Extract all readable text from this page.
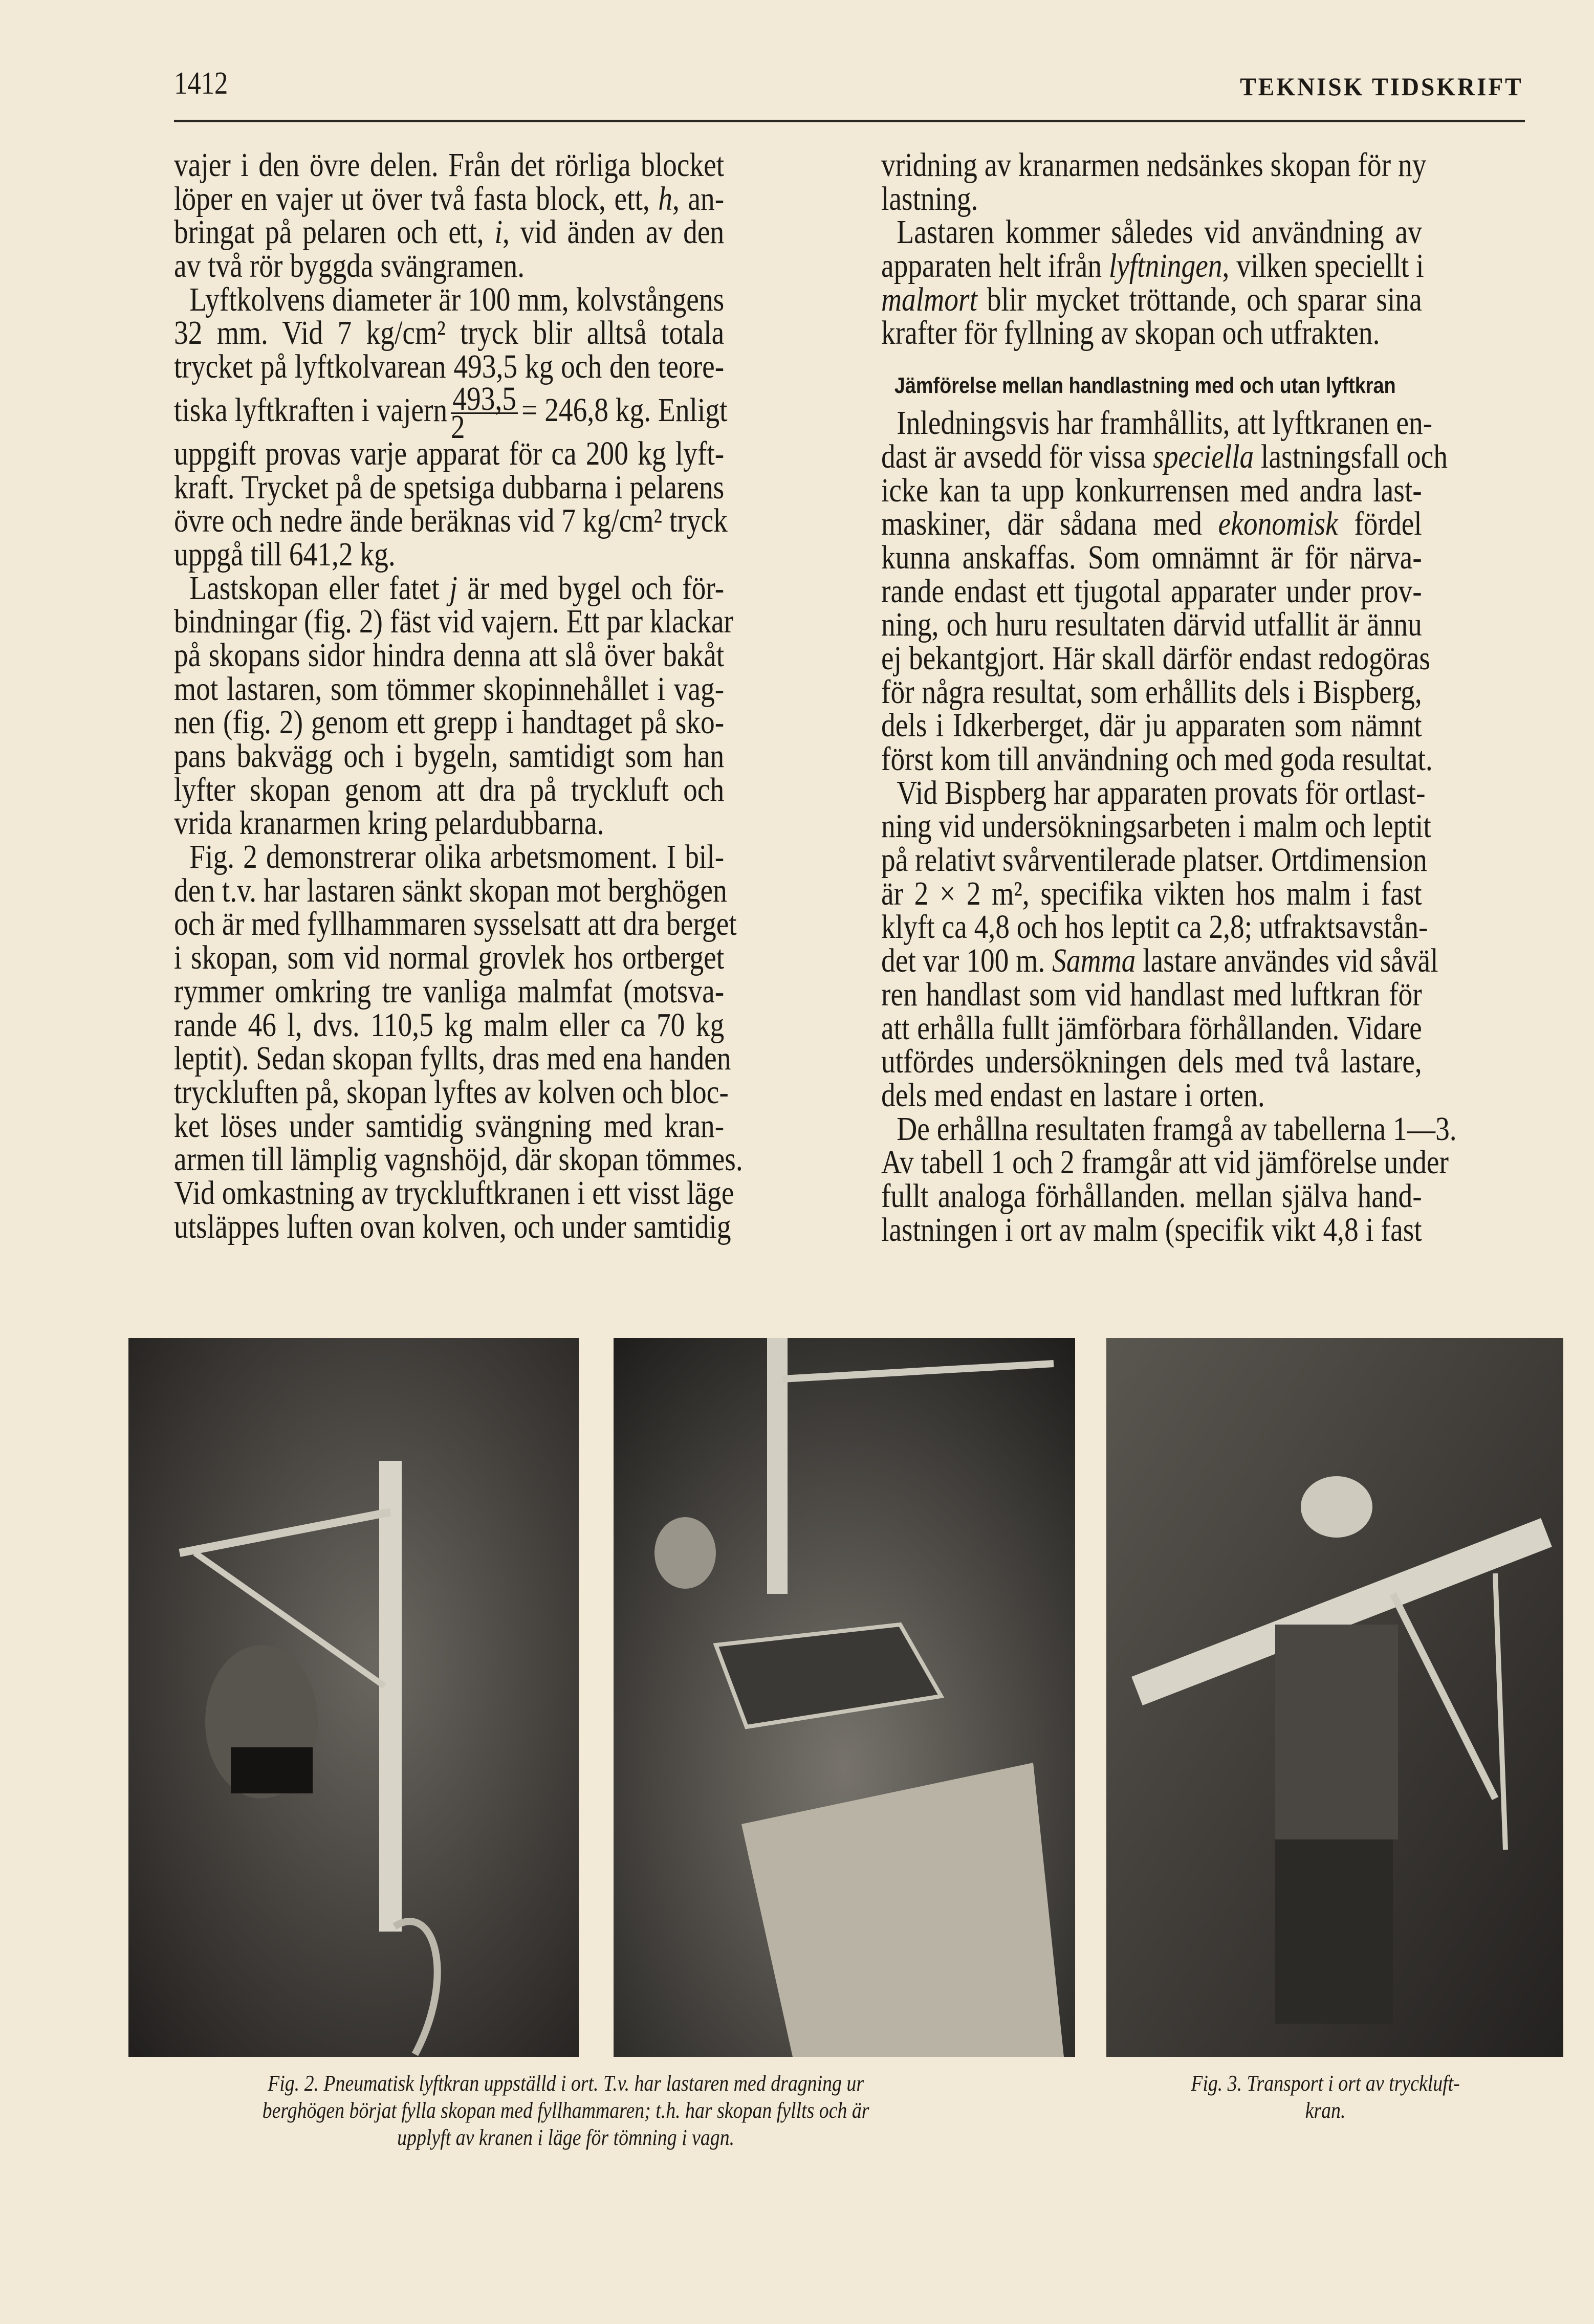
1412	TEKNISK TIDSKRIFT
vajer i den övre delen. Från det rörliga blocket
löper en vajer ut över två fasta block, ett, h, an-
bringat på pelaren och ett, i, vid änden av den
av två rör byggda svängramen.
Lyftkolvens diameter är 100 mm, kolvstångens
32 mm. Vid 7 kg/cm² tryck blir alltså totala
trycket på lyftkolvarean 493,5 kg och den teore-
tiska lyftkraften i vajern $\frac{493,5}{2} = 246,8$ kg. Enligt
uppgift provas varje apparat för ca 200 kg lyft-
kraft. Trycket på de spetsiga dubbarna i pelarens
övre och nedre ände beräknas vid 7 kg/cm² tryck
uppgå till 641,2 kg.
Lastskopan eller fatet j är med bygel och för-
bindningar (fig. 2) fäst vid vajern. Ett par klackar
på skopans sidor hindra denna att slå över bakåt
mot lastaren, som tömmer skopinnehållet i vag-
nen (fig. 2) genom ett grepp i handtaget på sko-
pans bakvägg och i bygeln, samtidigt som han
lyfter skopan genom att dra på tryckluft och
vrida kranarmen kring pelardubbarna.
Fig. 2 demonstrerar olika arbetsmoment. I bil-
den t.v. har lastaren sänkt skopan mot berghögen
och är med fyllhammaren sysselsatt att dra berget
i skopan, som vid normal grovlek hos ortberget
rymmer omkring tre vanliga malmfat (motsva-
rande 46 l, dvs. 110,5 kg malm eller ca 70 kg
leptit). Sedan skopan fyllts, dras med ena handen
tryckluften på, skopan lyftes av kolven och bloc-
ket löses under samtidig svängning med kran-
armen till lämplig vagnshöjd, där skopan tömmes.
Vid omkastning av tryckluftkranen i ett visst läge
utsläppes luften ovan kolven, och under samtidig
vridning av kranarmen nedsänkes skopan för ny
lastning.
Lastaren kommer således vid användning av
apparaten helt ifrån lyftningen, vilken speciellt i
malmort blir mycket tröttande, och sparar sina
krafter för fyllning av skopan och utfrakten.
Jämförelse mellan handlastning med och utan lyftkran
Inledningsvis har framhållits, att lyftkranen en-
dast är avsedd för vissa speciella lastningsfall och
icke kan ta upp konkurrensen med andra last-
maskiner, där sådana med ekonomisk fördel
kunna anskaffas. Som omnämnt är för närva-
rande endast ett tjugotal apparater under prov-
ning, och huru resultaten därvid utfallit är ännu
ej bekantgjort. Här skall därför endast redogöras
för några resultat, som erhållits dels i Bispberg,
dels i Idkerberget, där ju apparaten som nämnt
först kom till användning och med goda resultat.
Vid Bispberg har apparaten provats för ortlast-
ning vid undersökningsarbeten i malm och leptit
på relativt svårventilerade platser. Ortdimension
är 2 × 2 m², specifika vikten hos malm i fast
klyft ca 4,8 och hos leptit ca 2,8; utfraktsavstån-
det var 100 m. Samma lastare användes vid såväl
ren handlast som vid handlast med luftkran för
att erhålla fullt jämförbara förhållanden. Vidare
utfördes undersökningen dels med två lastare,
dels med endast en lastare i orten.
De erhållna resultaten framgå av tabellerna 1—3.
Av tabell 1 och 2 framgår att vid jämförelse under
fullt analoga förhållanden. mellan själva hand-
lastningen i ort av malm (specifik vikt 4,8 i fast
Fig. 2. Pneumatisk lyftkran uppställd i ort. T.v. har lastaren med dragning ur
berghögen börjat fylla skopan med fyllhammaren; t.h. har skopan fyllts och är
upplyft av kranen i läge för tömning i vagn.
Fig. 3. Transport i ort av tryckluft-
kran.
